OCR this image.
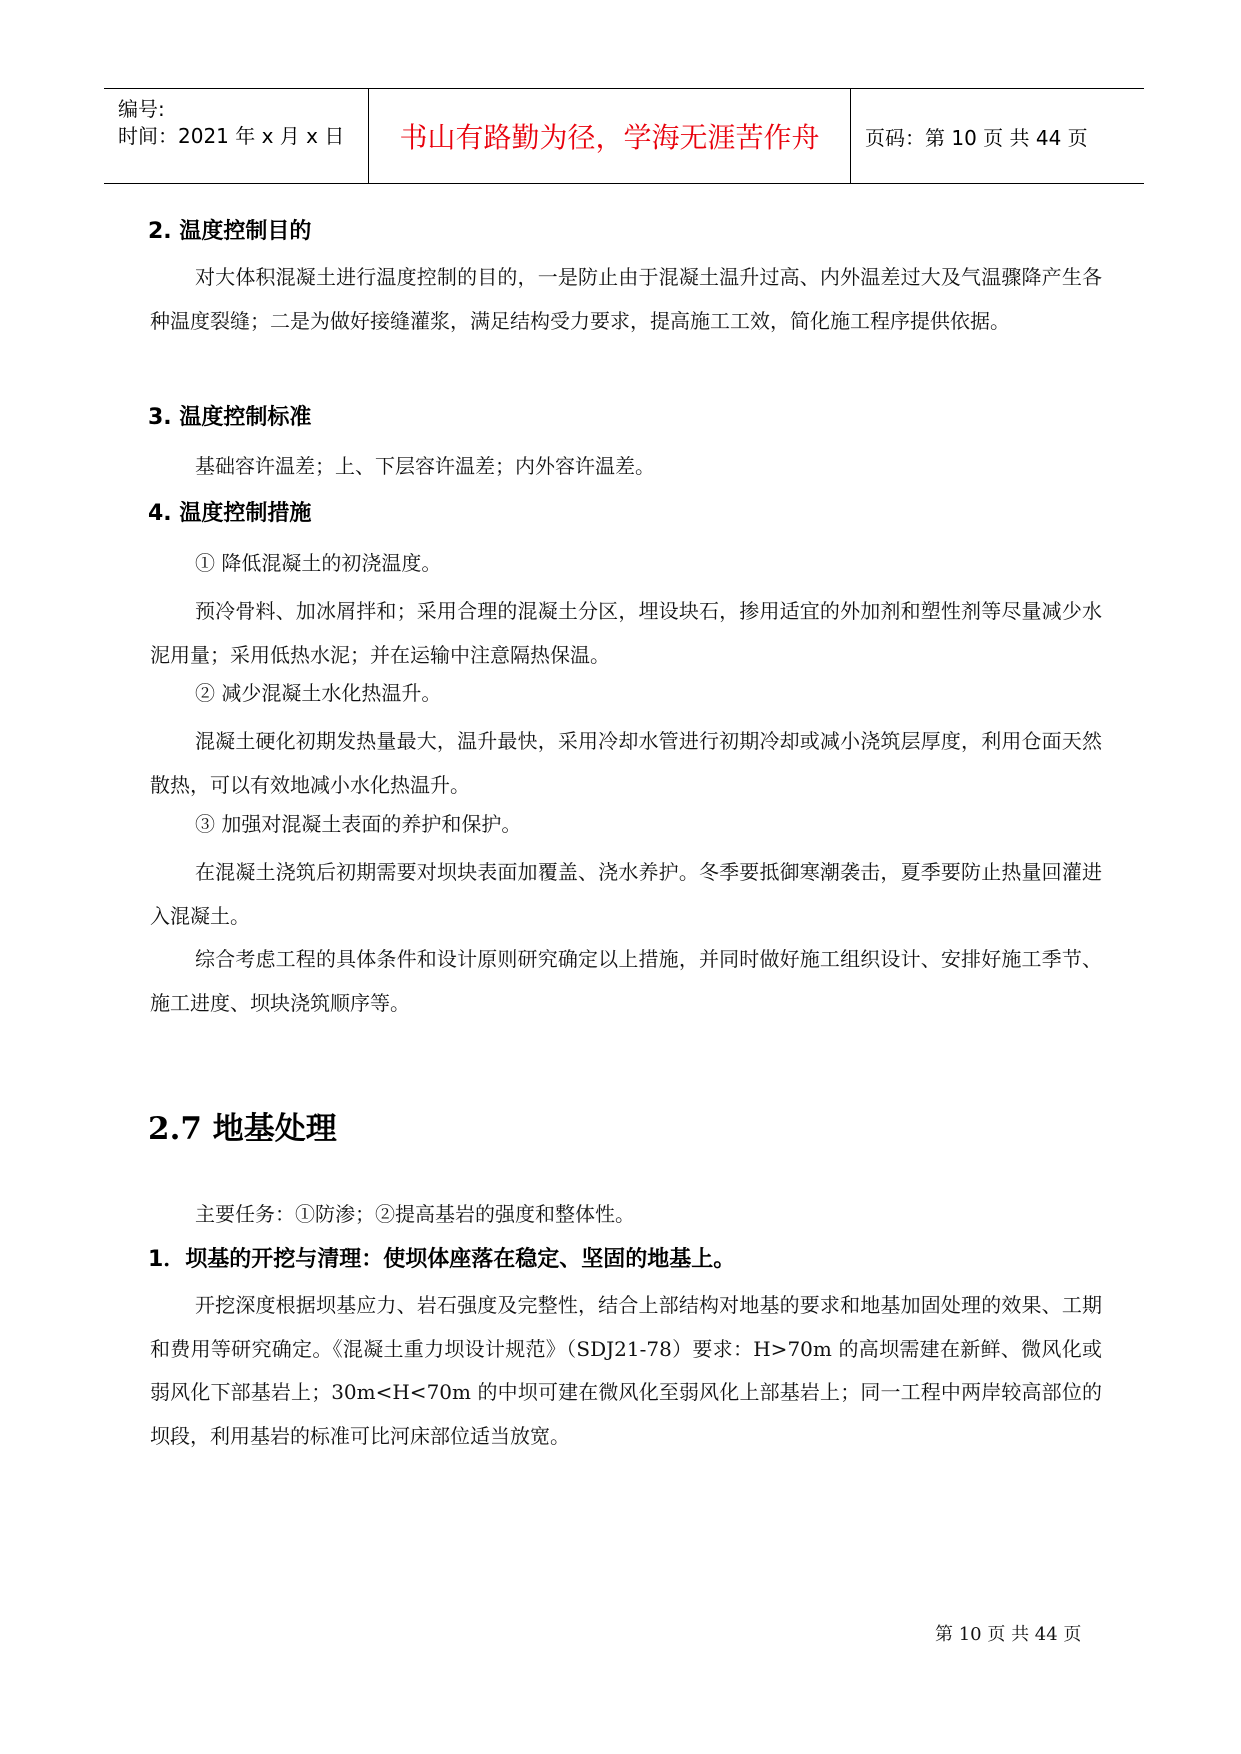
编号:
时间：2021 年 x 月 x 日 书山有路勤为径，学海无涯苦作舟 页码：第 10 页 共 44 页
2. 温度控制目的
对大体积混凝土进行温度控制的目的，一是防止由于混凝土温升过高、内外温差过大及气温骤降产生各种温度裂缝；二是为做好接缝灌浆，满足结构受力要求，提高施工工效，简化施工程序提供依据。
3. 温度控制标准
基础容许温差；上、下层容许温差；内外容许温差。
4. 温度控制措施
① 降低混凝土的初浇温度。
预冷骨料、加冰屑拌和；采用合理的混凝土分区，埋设块石，掺用适宜的外加剂和塑性剂等尽量减少水泥用量；采用低热水泥；并在运输中注意隔热保温。
② 减少混凝土水化热温升。
混凝土硬化初期发热量最大，温升最快，采用冷却水管进行初期冷却或减小浇筑层厚度，利用仓面天然散热，可以有效地减小水化热温升。
③ 加强对混凝土表面的养护和保护。
在混凝土浇筑后初期需要对坝块表面加覆盖、浇水养护。冬季要抵御寒潮袭击，夏季要防止热量回灌进入混凝土。
综合考虑工程的具体条件和设计原则研究确定以上措施，并同时做好施工组织设计、安排好施工季节、施工进度、坝块浇筑顺序等。
2.7 地基处理
主要任务：①防渗；②提高基岩的强度和整体性。
1．坝基的开挖与清理：使坝体座落在稳定、坚固的地基上。
开挖深度根据坝基应力、岩石强度及完整性，结合上部结构对地基的要求和地基加固处理的效果、工期和费用等研究确定。《混凝土重力坝设计规范》（SDJ21-78）要求：H>70m 的高坝需建在新鲜、微风化或弱风化下部基岩上；30m<H<70m 的中坝可建在微风化至弱风化上部基岩上；同一工程中两岸较高部位的坝段，利用基岩的标准可比河床部位适当放宽。
第 10 页 共 44 页
